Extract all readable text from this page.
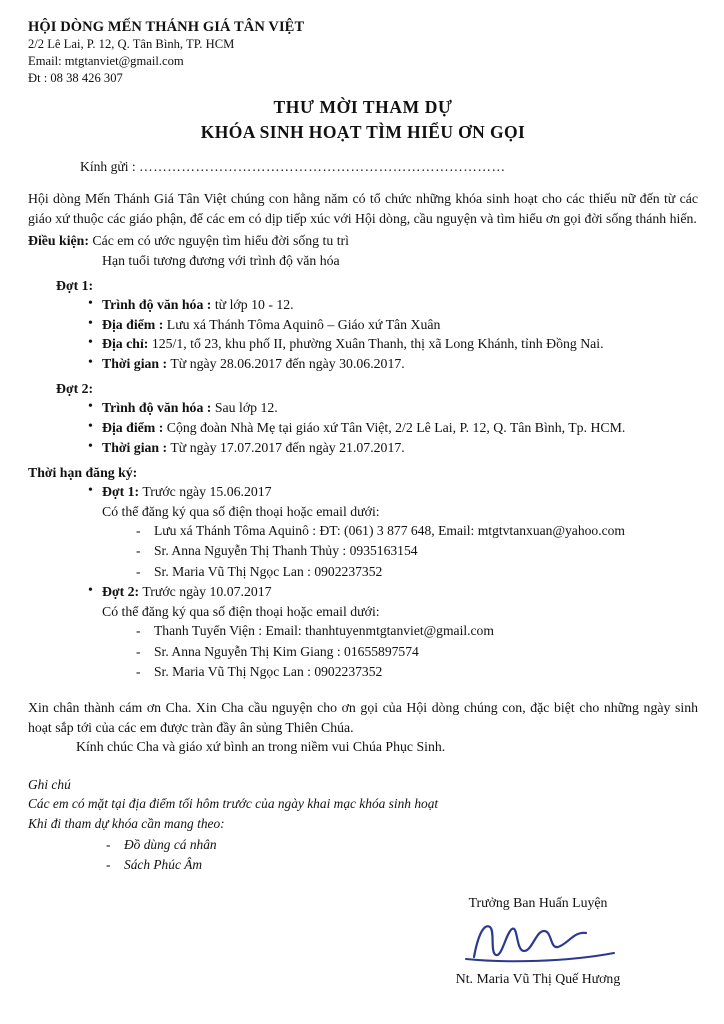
HỘI DÒNG MẾN THÁNH GIÁ TÂN VIỆT
2/2 Lê Lai, P. 12, Q. Tân Bình, TP. HCM
Email: mtgtanviet@gmail.com
Đt : 08 38 426 307
THƯ MỜI THAM DỰ
KHÓA SINH HOẠT TÌM HIỂU ƠN GỌI
Kính gửi : ……………………………………………………………………

Hội dòng Mến Thánh Giá Tân Việt chúng con hằng năm có tổ chức những khóa sinh hoạt cho các thiếu nữ đến từ các giáo xứ thuộc các giáo phận, để các em có dịp tiếp xúc với Hội dòng, cầu nguyện và tìm hiểu ơn gọi đời sống thánh hiến.

Điều kiện: Các em có ước nguyện tìm hiểu đời sống tu trì
Hạn tuổi tương đương với trình độ văn hóa
Đợt 1:
• Trình độ văn hóa : từ lớp 10 - 12.
• Địa điểm : Lưu xá Thánh Tôma Aquinô – Giáo xứ Tân Xuân
• Địa chỉ: 125/1, tổ 23, khu phố II, phường Xuân Thanh, thị xã Long Khánh, tỉnh Đồng Nai.
• Thời gian : Từ ngày 28.06.2017 đến ngày 30.06.2017.
Đợt 2:
• Trình độ văn hóa : Sau lớp 12.
• Địa điểm : Cộng đoàn Nhà Mẹ tại giáo xứ Tân Việt, 2/2 Lê Lai, P. 12, Q. Tân Bình, Tp. HCM.
• Thời gian : Từ ngày 17.07.2017 đến ngày 21.07.2017.
Thời hạn đăng ký:
• Đợt 1: Trước ngày 15.06.2017
Có thể đăng ký qua số điện thoại hoặc email dưới:
- Lưu xá Thánh Tôma Aquinô : ĐT: (061) 3 877 648, Email: mtgtvtanxuan@yahoo.com
- Sr. Anna Nguyễn Thị Thanh Thủy : 0935163154
- Sr. Maria Vũ Thị Ngọc Lan : 0902237352
• Đợt 2: Trước ngày 10.07.2017
Có thể đăng ký qua số điện thoại hoặc email dưới:
- Thanh Tuyển Viện : Email: thanhtuyenmtgtanviet@gmail.com
- Sr. Anna Nguyễn Thị Kim Giang : 01655897574
- Sr. Maria Vũ Thị Ngọc Lan : 0902237352

Xin chân thành cám ơn Cha. Xin Cha cầu nguyện cho ơn gọi của Hội dòng chúng con, đặc biệt cho những ngày sinh hoạt sắp tới của các em được tràn đầy ân sủng Thiên Chúa.

Kính chúc Cha và giáo xứ bình an trong niềm vui Chúa Phục Sinh.

Ghi chú
Các em có mặt tại địa điểm tối hôm trước của ngày khai mạc khóa sinh hoạt
Khi đi tham dự khóa cần mang theo:
- Đồ dùng cá nhân
- Sách Phúc Âm
Trưởng Ban Huấn Luyện
Nt. Maria Vũ Thị Quế Hương
